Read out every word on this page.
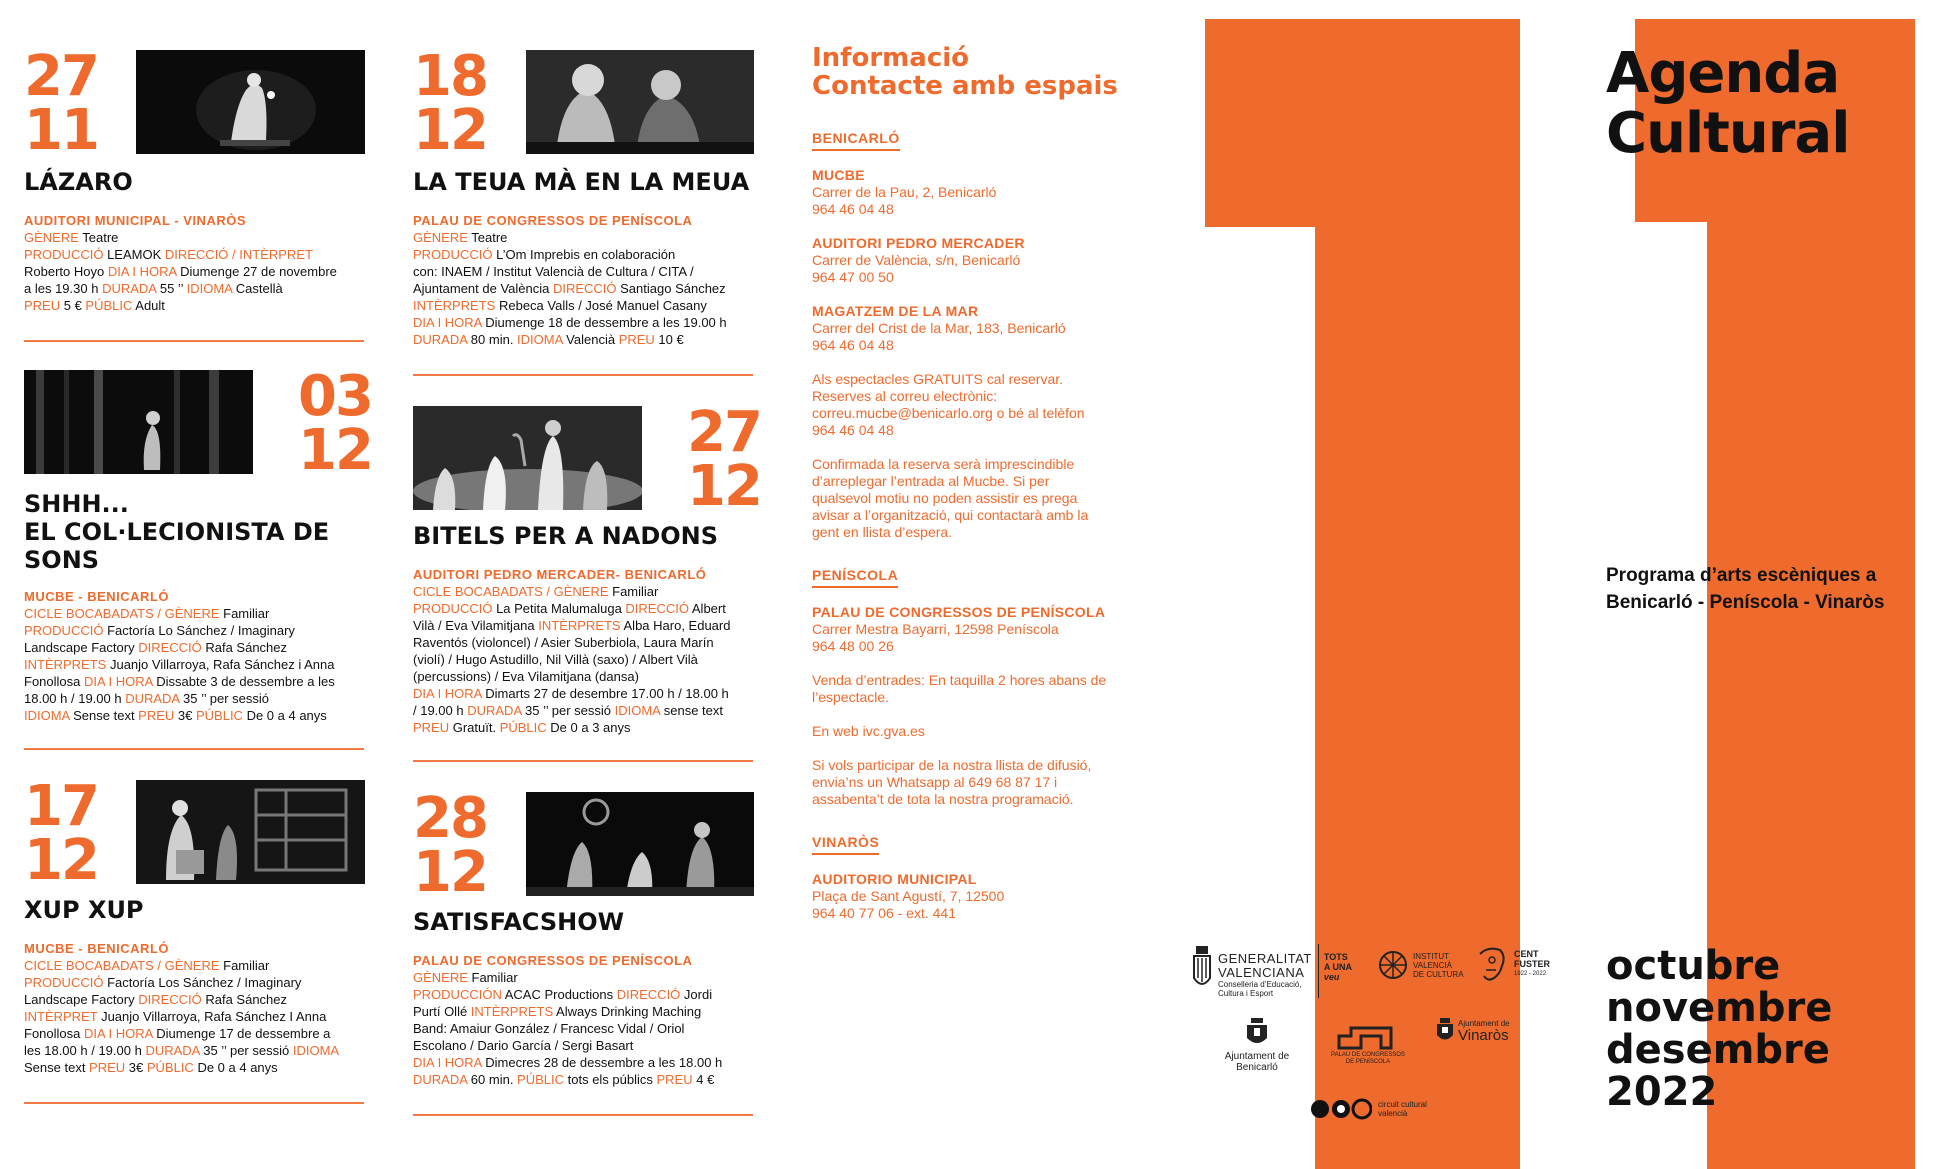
27
11
LÁZARO
AUDITORI MUNICIPAL - VINARÒS
GÈNERE Teatre
PRODUCCIÓ LEAMOK DIRECCIÓ / INTÈRPRET
Roberto Hoyo DIA I HORA Diumenge 27 de novembre
a les 19.30 h DURADA 55 ’’ IDIOMA Castellà
PREU 5 € PÚBLIC Adult
03
12
SHHH...
EL COL·LECIONISTA DE
SONS
MUCBE - BENICARLÓ
CICLE BOCABADATS / GÈNERE Familiar
PRODUCCIÓ Factoría Lo Sánchez / Imaginary
Landscape Factory DIRECCIÓ Rafa Sánchez
INTÈRPRETS Juanjo Villarroya, Rafa Sánchez i Anna
Fonollosa DIA I HORA Dissabte 3 de dessembre a les
18.00 h / 19.00 h DURADA 35 ’’ per sessió
IDIOMA Sense text PREU 3€ PÚBLIC De 0 a 4 anys
17
12
XUP XUP
MUCBE - BENICARLÓ
CICLE BOCABADATS / GÈNERE Familiar
PRODUCCIÓ Factoría Los Sánchez / Imaginary
Landscape Factory DIRECCIÓ Rafa Sánchez
INTÈRPRET Juanjo Villarroya, Rafa Sánchez I Anna
Fonollosa DIA I HORA Diumenge 17 de dessembre a
les 18.00 h / 19.00 h DURADA 35 ’’ per sessió IDIOMA
Sense text PREU 3€ PÚBLIC De 0 a 4 anys
18
12
LA TEUA MÀ EN LA MEUA
PALAU DE CONGRESSOS DE PENÍSCOLA
GÈNERE Teatre
PRODUCCIÓ L’Om Imprebis en colaboración
con: INAEM / Institut Valencià de Cultura / CITA /
Ajuntament de València DIRECCIÓ Santiago Sánchez
INTÈRPRETS Rebeca Valls / José Manuel Casany
DIA I HORA Diumenge 18 de dessembre a les 19.00 h
DURADA 80 min. IDIOMA Valencià PREU 10 €
27
12
BITELS PER A NADONS
AUDITORI PEDRO MERCADER- BENICARLÓ
CICLE BOCABADATS / GÈNERE Familiar
PRODUCCIÓ La Petita Malumaluga DIRECCIÓ Albert
Vilà / Eva Vilamitjana INTÈRPRETS Alba Haro, Eduard
Raventós (violoncel) / Asier Suberbiola, Laura Marín
(violí) / Hugo Astudillo, Nil Villà (saxo) / Albert Vilà
(percussions) / Eva Vilamitjana (dansa)
DIA I HORA Dimarts 27 de desembre 17.00 h / 18.00 h
/ 19.00 h DURADA 35 ’’ per sessió IDIOMA sense text
PREU Gratuït. PÚBLIC De 0 a 3 anys
28
12
SATISFACSHOW
PALAU DE CONGRESSOS DE PENÍSCOLA
GÈNERE Familiar
PRODUCCIÓN ACAC Productions DIRECCIÓ Jordi
Purtí Ollé INTÈRPRETS Always Drinking Maching
Band: Amaiur González / Francesc Vidal / Oriol
Escolano / Dario García / Sergi Basart
DIA I HORA Dimecres 28 de dessembre a les 18.00 h
DURADA 60 min. PÚBLIC tots els públics PREU 4 €
Informació
Contacte amb espais
BENICARLÓ
MUCBE
Carrer de la Pau, 2, Benicarló
964 46 04 48
AUDITORI PEDRO MERCADER
Carrer de València, s/n, Benicarló
964 47 00 50
MAGATZEM DE LA MAR
Carrer del Crist de la Mar, 183, Benicarló
964 46 04 48

Als espectacles GRATUITS cal reservar.
Reserves al correu electrònic:
correu.mucbe@benicarlo.org o bé al telèfon
964 46 04 48

Confirmada la reserva serà imprescindible
d’arreplegar l’entrada al Mucbe. Si per
qualsevol motiu no poden assistir es prega
avisar a l’organització, qui contactarà amb la
gent en llista d’espera.

PENÍSCOLA
PALAU DE CONGRESSOS DE PENÍSCOLA
Carrer Mestra Bayarri, 12598 Peníscola
964 48 00 26

Venda d’entrades: En taquilla 2 hores abans de
l’espectacle.

En web ivc.gva.es

Si vols participar de la nostra llista de difusió,
envia’ns un Whatsapp al 649 68 87 17 i
assabenta’t de tota la nostra programació.

VINARÒS
AUDITORIO MUNICIPAL
Plaça de Sant Agustí, 7, 12500
964 40 77 06 - ext. 441
Agenda
Cultural
Programa d’arts escèniques a
Benicarló - Peníscola - Vinaròs
octubre
novembre
desembre
2022
GENERALITAT
VALENCIANA
Conselleria d’Educació,
Cultura i Esport
TOTS
A UNA
veu
INSTITUT
VALENCIÀ
DE CULTURA
CENT
FUSTER
1922 - 2022
Ajuntament de
Benicarló
PALAU DE CONGRESSOS
DE PENÍSCOLA
Ajuntament de
Vinaròs
circuit cultural
valencià
